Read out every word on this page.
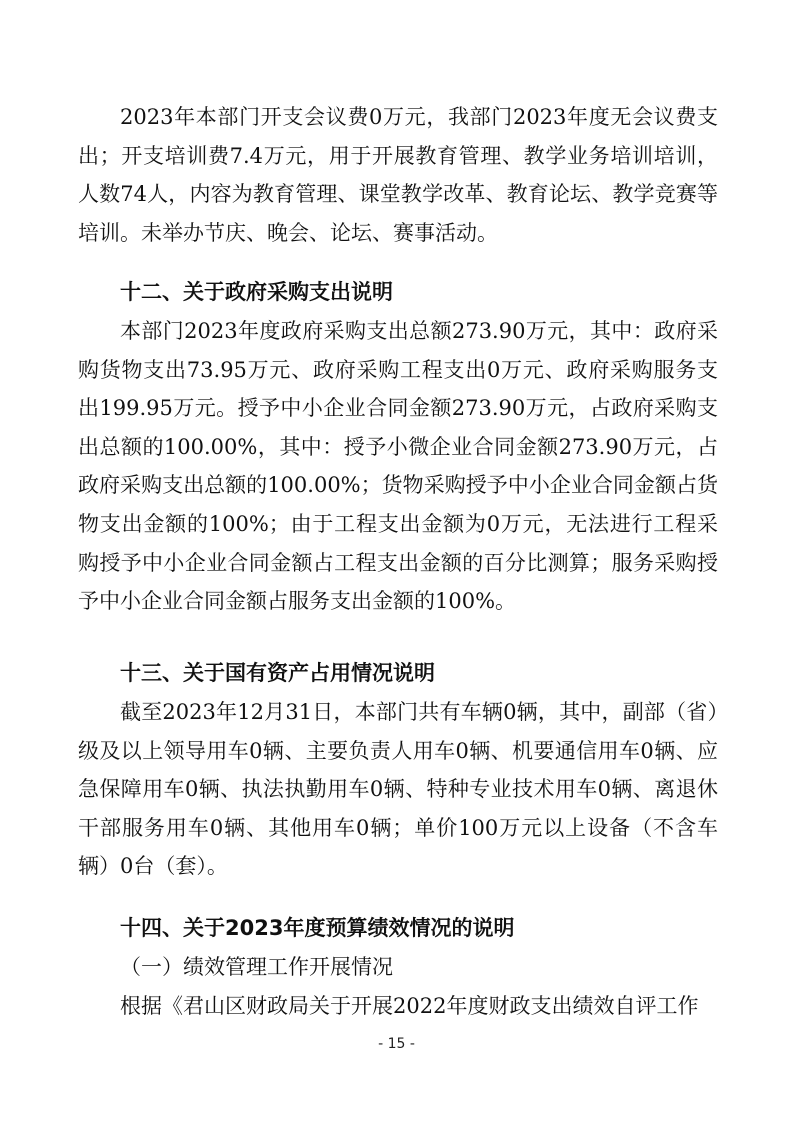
2023年本部门开支会议费0万元，我部门2023年度无会议费支出；开支培训费7.4万元，用于开展教育管理、教学业务培训培训，人数74人，内容为教育管理、课堂教学改革、教育论坛、教学竞赛等培训。未举办节庆、晚会、论坛、赛事活动。

十二、关于政府采购支出说明

本部门2023年度政府采购支出总额273.90万元，其中：政府采购货物支出73.95万元、政府采购工程支出0万元、政府采购服务支出199.95万元。授予中小企业合同金额273.90万元，占政府采购支出总额的100.00%，其中：授予小微企业合同金额273.90万元，占政府采购支出总额的100.00%；货物采购授予中小企业合同金额占货物支出金额的100%；由于工程支出金额为0万元，无法进行工程采购授予中小企业合同金额占工程支出金额的百分比测算；服务采购授予中小企业合同金额占服务支出金额的100%。

十三、关于国有资产占用情况说明

截至2023年12月31日，本部门共有车辆0辆，其中，副部（省）级及以上领导用车0辆、主要负责人用车0辆、机要通信用车0辆、应急保障用车0辆、执法执勤用车0辆、特种专业技术用车0辆、离退休干部服务用车0辆、其他用车0辆；单价100万元以上设备（不含车辆）0台（套）。

十四、关于2023年度预算绩效情况的说明

（一）绩效管理工作开展情况

根据《君山区财政局关于开展2022年度财政支出绩效自评工作

- 15 -
